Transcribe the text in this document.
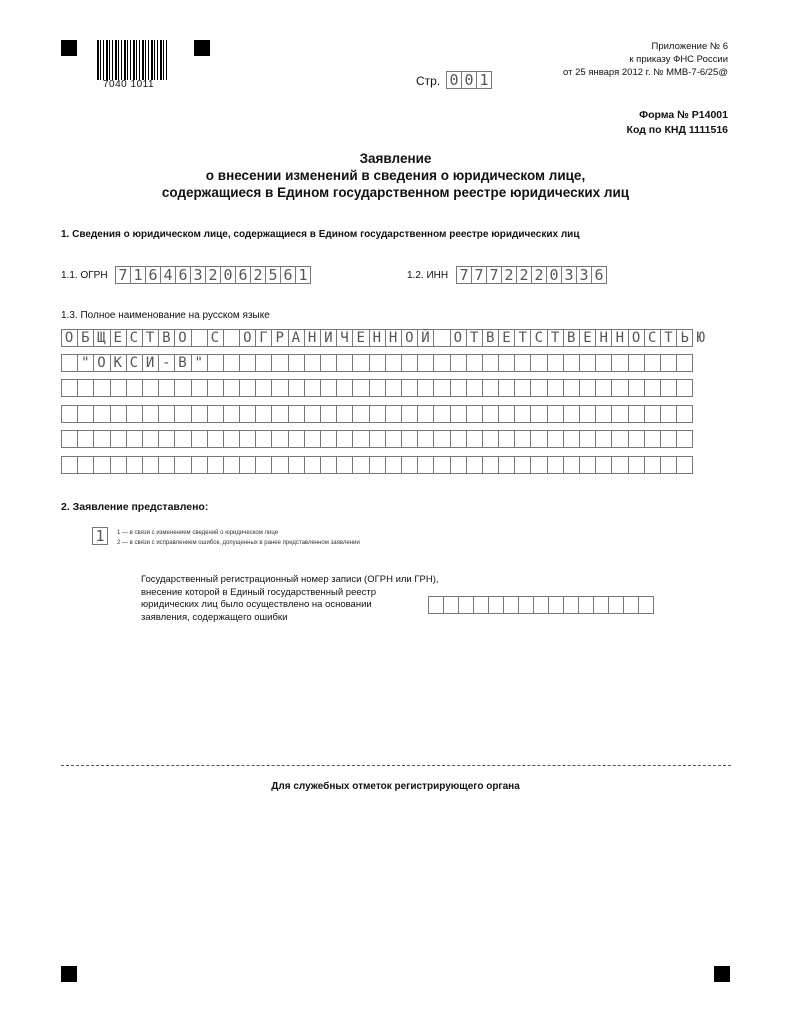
7040 1011	Стр. 0 0 1
Приложение № 6
к приказу ФНС России
от 25 января 2012 г. № ММВ-7-6/25@
Форма № Р14001
Код по КНД 1111516
Заявление
о внесении изменений в сведения о юридическом лице,
содержащиеся в Едином государственном реестре юридических лиц
1. Сведения о юридическом лице, содержащиеся в Едином государственном реестре юридических лиц
1.1. ОГРН 7 1 6 4 6 3 2 0 6 2 5 6 1	1.2. ИНН 7 7 7 2 2 2 0 3 3 6
1.3. Полное наименование на русском языке
ОБЩЕСТВО С ОГРАНИЧЕННОЙ ОТВЕТСТВЕННОСТЬЮ
"ОКСИ-В"
2. Заявление представлено:
1	1 — в связи с изменением сведений о юридическом лице
2 — в связи с исправлением ошибок, допущенных в ранее представленном заявлении
Государственный регистрационный номер записи (ОГРН или ГРН),
внесение которой в Единый государственный реестр
юридических лиц было осуществлено на основании
заявления, содержащего ошибки
Для служебных отметок регистрирующего органа
